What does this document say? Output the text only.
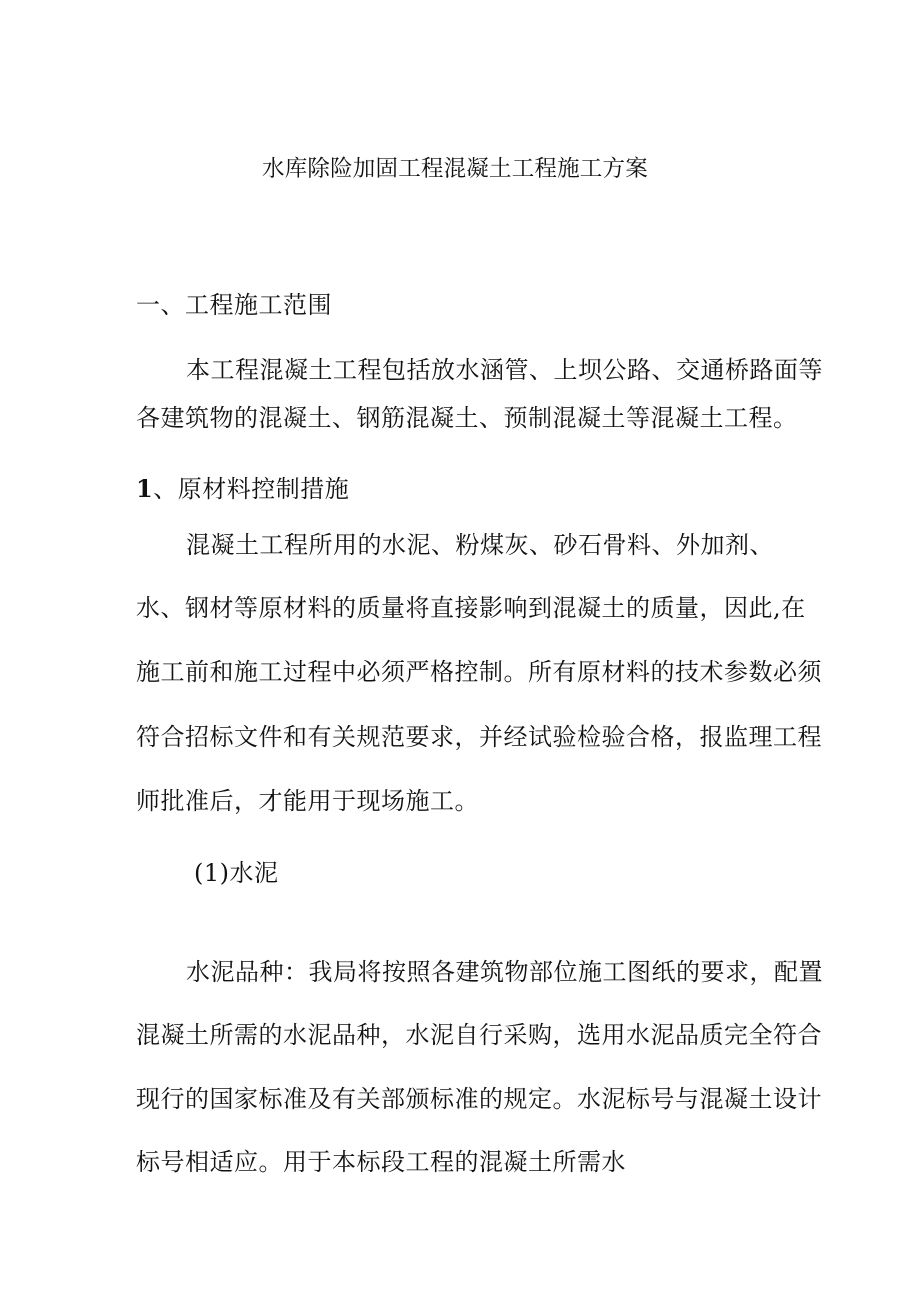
水库除险加固工程混凝土工程施工方案
一、工程施工范围
本工程混凝土工程包括放水涵管、上坝公路、交通桥路面等
各建筑物的混凝土、钢筋混凝土、预制混凝土等混凝土工程。
1、原材料控制措施
混凝土工程所用的水泥、粉煤灰、砂石骨料、外加剂、
水、钢材等原材料的质量将直接影响到混凝土的质量，因此,在
施工前和施工过程中必须严格控制。所有原材料的技术参数必须
符合招标文件和有关规范要求，并经试验检验合格，报监理工程
师批准后，才能用于现场施工。
(1)水泥
水泥品种：我局将按照各建筑物部位施工图纸的要求，配置
混凝土所需的水泥品种，水泥自行采购，选用水泥品质完全符合
现行的国家标准及有关部颁标准的规定。水泥标号与混凝土设计
标号相适应。用于本标段工程的混凝土所需水
